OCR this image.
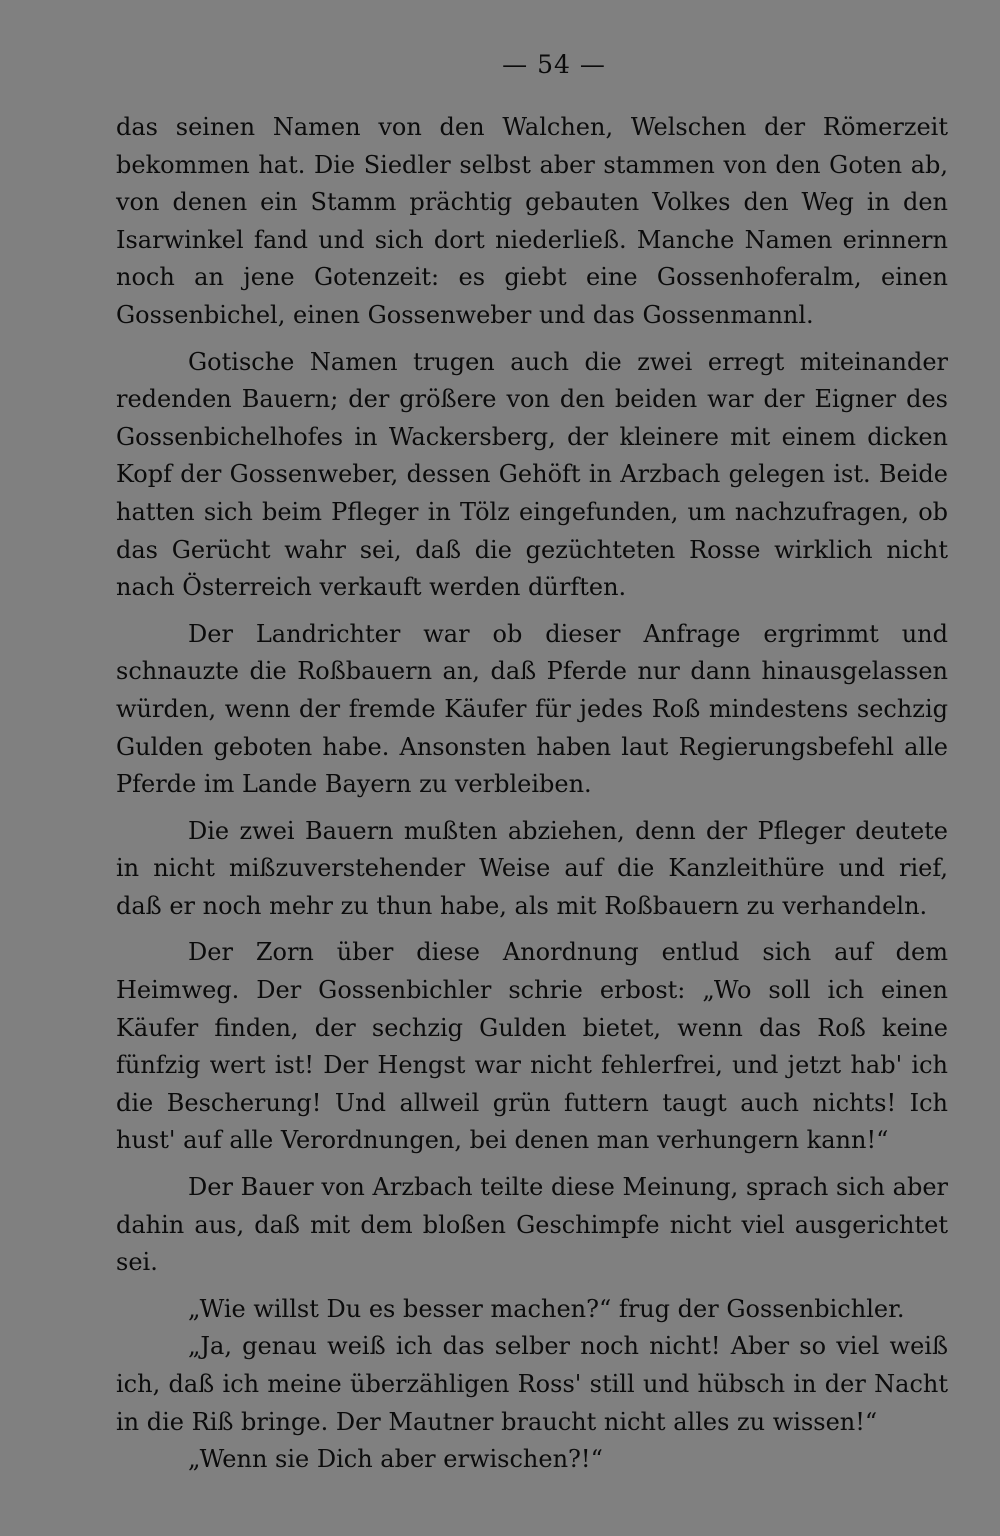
— 54 —

das seinen Namen von den Walchen, Welschen der Römerzeit bekommen hat. Die Siedler selbst aber stammen von den Goten ab, von denen ein Stamm prächtig gebauten Volkes den Weg in den Isarwinkel fand und sich dort niederließ. Manche Namen erinnern noch an jene Gotenzeit: es giebt eine Gossenhoferalm, einen Gossenbichel, einen Gossenweber und das Gossenmannl.

Gotische Namen trugen auch die zwei erregt miteinander redenden Bauern; der größere von den beiden war der Eigner des Gossenbichelhofes in Wackersberg, der kleinere mit einem dicken Kopf der Gossenweber, dessen Gehöft in Arzbach gelegen ist. Beide hatten sich beim Pfleger in Tölz eingefunden, um nachzufragen, ob das Gerücht wahr sei, daß die gezüchteten Rosse wirklich nicht nach Österreich verkauft werden dürften.

Der Landrichter war ob dieser Anfrage ergrimmt und schnauzte die Roßbauern an, daß Pferde nur dann hinausgelassen würden, wenn der fremde Käufer für jedes Roß mindestens sechzig Gulden geboten habe. Ansonsten haben laut Regierungsbefehl alle Pferde im Lande Bayern zu verbleiben.

Die zwei Bauern mußten abziehen, denn der Pfleger deutete in nicht mißzuverstehender Weise auf die Kanzleithüre und rief, daß er noch mehr zu thun habe, als mit Roßbauern zu verhandeln.

Der Zorn über diese Anordnung entlud sich auf dem Heimweg. Der Gossenbichler schrie erbost: „Wo soll ich einen Käufer finden, der sechzig Gulden bietet, wenn das Roß keine fünfzig wert ist! Der Hengst war nicht fehlerfrei, und jetzt hab' ich die Bescherung! Und allweil grün futtern taugt auch nichts! Ich hust' auf alle Verordnungen, bei denen man verhungern kann!“

Der Bauer von Arzbach teilte diese Meinung, sprach sich aber dahin aus, daß mit dem bloßen Geschimpfe nicht viel ausgerichtet sei.

„Wie willst Du es besser machen?“ frug der Gossenbichler.

„Ja, genau weiß ich das selber noch nicht! Aber so viel weiß ich, daß ich meine überzähligen Ross' still und hübsch in der Nacht in die Riß bringe. Der Mautner braucht nicht alles zu wissen!“

„Wenn sie Dich aber erwischen?!“
